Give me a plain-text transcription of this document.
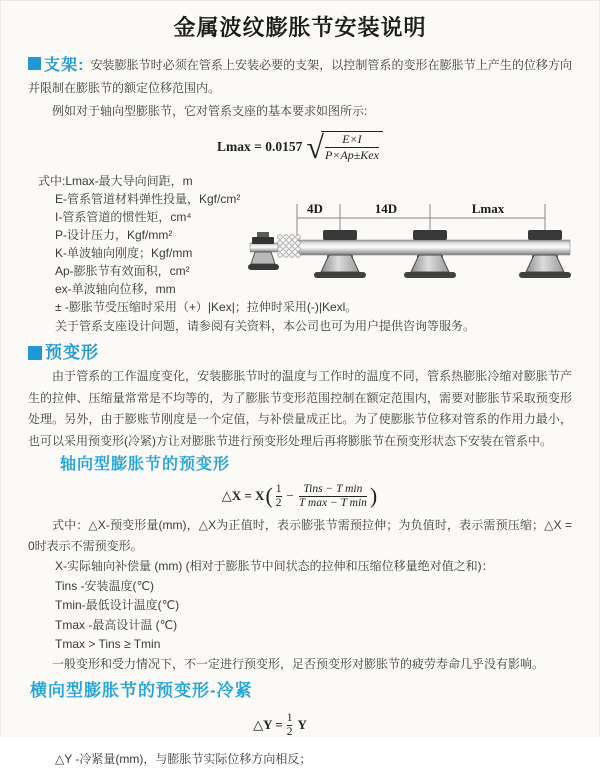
金属波纹膨胀节安装说明

支架: 安装膨胀节时必须在管系上安装必要的支架，以控制管系的变形在膨胀节上产生的位移方向并限制在膨胀节的额定位移范围内。

例如对于轴向型膨胀节，它对管系支座的基本要求如图所示:

Lmax = 0.0157 √
$\frac{E\times I}{\text{P×Ap±Kex}}$
式中:Lmax-最大导向间距，m
E-管系管道材料弹性投量，Kgf/cm²
I-管系管道的惯性矩，cm⁴
P-设计压力，Kgf/mm²
K-单波轴向刚度；Kgf/mm
Ap-膨胀节有效面积，cm²
ex-单波轴向位移，mm
± -膨胀节受压缩时采用（+）|Kex|；拉伸时采用(-)|Kexl。
关于管系支座设计问题，请参阅有关资料，本公司也可为用户提供咨询等服务。
4D	14D	Lmax
预变形

由于管系的工作温度变化，安装膨胀节时的温度与工作时的温度不同，管系热膨胀冷缩对膨胀节产生的拉伸、压缩量常常是不均等的，为了膨胀节变形范围控制在额定范围内，需要对膨胀节采取预变形处理。另外，由于膨账节刚度是一个定值，与补偿量成正比。为了使膨胀节位移对管系的作用力最小，也可以采用预变形(冷紧)方让对膨胀节进行预变形处理后再将膨胀节在预变形状态下安装在管系中。

轴向型膨胀节的预变形
△X = X ( $\frac{1}{2} - \frac{\text{Tins − T min}}{\text{T max − T min}}$ )

式中：△X-预变形量(mm)，△X为正值时，表示膨张节需预拉伸；为负值时，表示需预压缩；△X = 0时表示不需预变形。

X-实际轴向补偿量 (mm) (相对于膨胀节中间状态的拉伸和压缩位移量绝对值之和)：
Tins -安装温度(℃)
Tmin-最低设计温度(℃)
Tmax -最高设计温 (℃)
Tmax > Tins ≥ Tmin

一般变形和受力情况下，不一定进行预变形，足否预变形对膨胀节的疲劳寿命几乎没有影响。

横向型膨胀节的预变形-冷紧
△Y = $\frac{1}{2}$ Y

△Y -冷紧量(mm)，与膨胀节实际位移方向相反；
